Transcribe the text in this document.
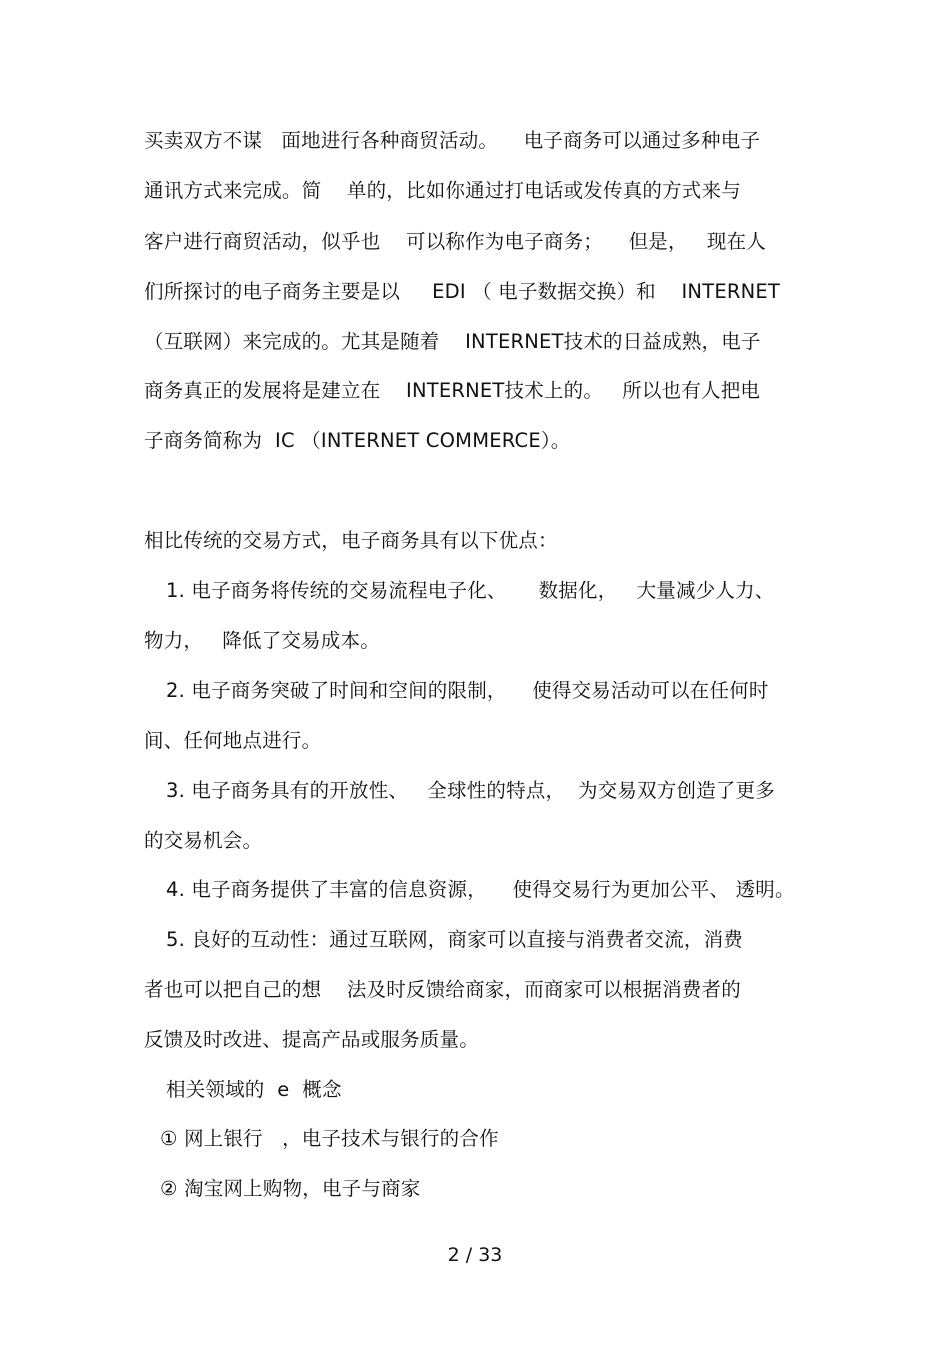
买卖双方不谋   面地进行各种商贸活动。    电子商务可以通过多种电子
通讯方式来完成。简    单的，比如你通过打电话或发传真的方式来与
客户进行商贸活动，似乎也    可以称作为电子商务；    但是，   现在人
们所探讨的电子商务主要是以     EDI （ 电子数据交换）和    INTERNET
（互联网）来完成的。尤其是随着    INTERNET技术的日益成熟，电子
商务真正的发展将是建立在    INTERNET技术上的。   所以也有人把电
子商务简称为  IC （INTERNET COMMERCE）。
相比传统的交易方式，电子商务具有以下优点：
1. 电子商务将传统的交易流程电子化、     数据化，   大量减少人力、
物力，   降低了交易成本。
2. 电子商务突破了时间和空间的限制，    使得交易活动可以在任何时
间、任何地点进行。
3. 电子商务具有的开放性、   全球性的特点，  为交易双方创造了更多
的交易机会。
4. 电子商务提供了丰富的信息资源，    使得交易行为更加公平、 透明。
5. 良好的互动性：通过互联网，商家可以直接与消费者交流，消费
者也可以把自己的想    法及时反馈给商家，而商家可以根据消费者的
反馈及时改进、提高产品或服务质量。
相关领域的  e  概念
① 网上银行   ，电子技术与银行的合作
② 淘宝网上购物，电子与商家
2 / 33
